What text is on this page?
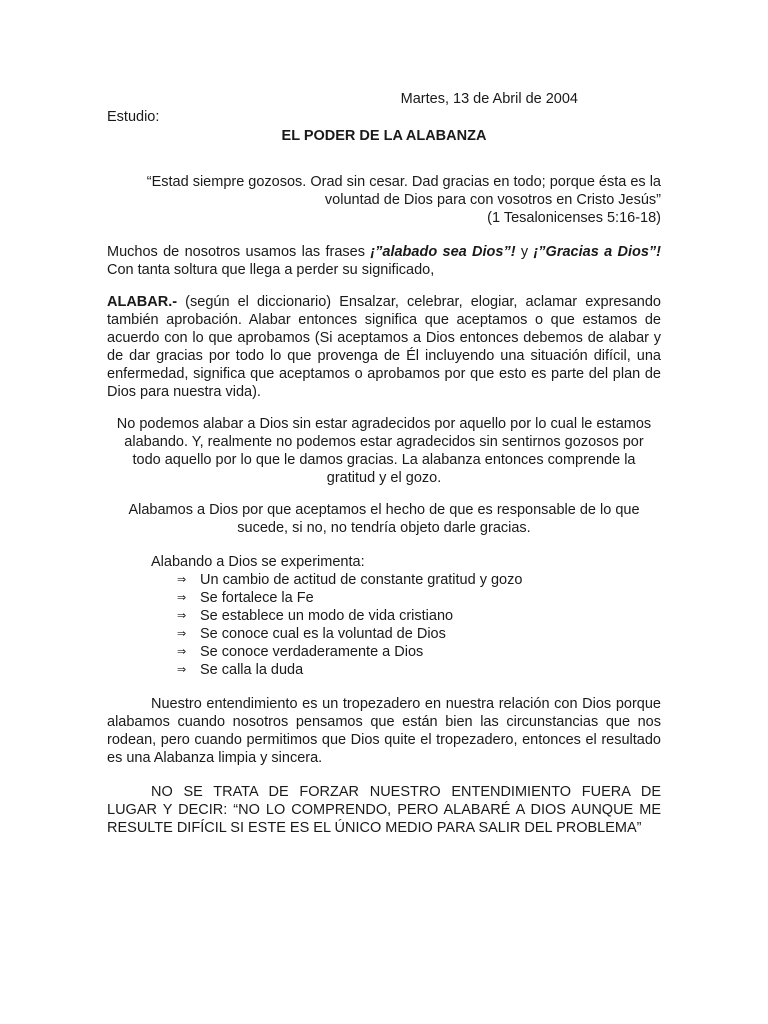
Martes, 13 de Abril de 2004

Estudio:

EL PODER DE LA ALABANZA

“Estad siempre gozosos. Orad sin cesar. Dad gracias en todo; porque ésta es la
voluntad de Dios para con vosotros en Cristo Jesús”
(1 Tesalonicenses 5:16-18)

Muchos de nosotros usamos las frases ¡”alabado sea Dios”! y ¡”Gracias a Dios”! Con tanta soltura que llega a perder su significado,

ALABAR.- (según el diccionario) Ensalzar, celebrar, elogiar, aclamar expresando también aprobación. Alabar entonces significa que aceptamos o que estamos de acuerdo con lo que aprobamos (Si aceptamos a Dios entonces debemos de alabar y de dar gracias por todo lo que provenga de Él incluyendo una situación difícil, una enfermedad, significa que aceptamos o aprobamos por que esto es parte del plan de Dios para nuestra vida).

No podemos alabar a Dios sin estar agradecidos por aquello por lo cual le estamos alabando. Y, realmente no podemos estar agradecidos sin sentirnos gozosos por todo aquello por lo que le damos gracias. La alabanza entonces comprende la gratitud y el gozo.

Alabamos a Dios por que aceptamos el hecho de que es responsable de lo que sucede, si no, no tendría objeto darle gracias.

Alabando a Dios se experimenta:

⇒ Un cambio de actitud de constante gratitud y gozo
⇒ Se fortalece la Fe
⇒ Se establece un modo de vida cristiano
⇒ Se conoce cual es la voluntad de Dios
⇒ Se conoce verdaderamente a Dios
⇒ Se calla la duda

Nuestro entendimiento es un tropezadero en nuestra relación con Dios porque alabamos cuando nosotros pensamos que están bien las circunstancias que nos rodean, pero cuando permitimos que Dios quite el tropezadero, entonces el resultado es una Alabanza limpia y sincera.

NO SE TRATA DE FORZAR NUESTRO ENTENDIMIENTO FUERA DE LUGAR Y DECIR: “NO LO COMPRENDO, PERO ALABARÉ A DIOS AUNQUE ME RESULTE DIFÍCIL SI ESTE ES EL ÚNICO MEDIO PARA SALIR DEL PROBLEMA”
